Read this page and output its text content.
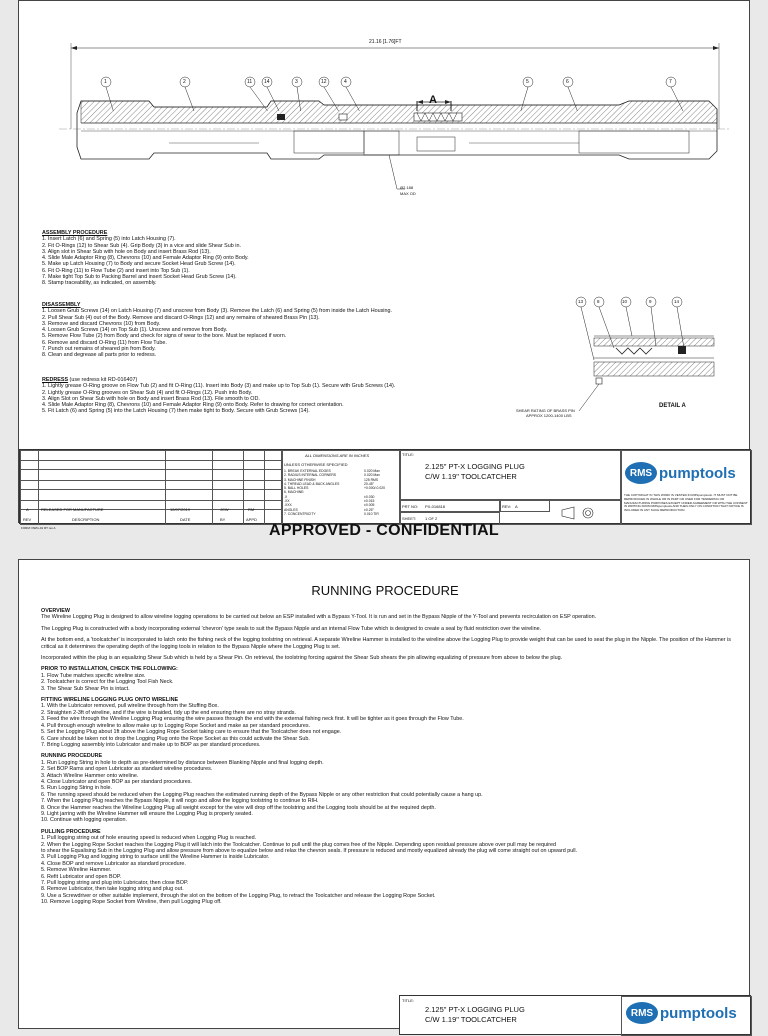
21.16 [1.76]FT
A
Ø2.188
MAX OD
1	2	11 14	3	12	4	5	6	7
ASSEMBLY PROCEDURE
1. Insert Latch (6) and Spring (5) into Latch Housing (7).
2. Fit O-Rings (12) to Shear Sub (4). Grip Body (3) in a vice and slide Shear Sub in.
3. Align slot in Shear Sub with hole on Body and insert Brass Rod (13).
4. Slide Male Adaptor Ring (8), Chevrons (10) and Female Adaptor Ring (9) onto Body.
5. Make up Latch Housing (7) to Body and secure Socket Head Grub Screw (14).
6. Fit O-Ring (11) to Flow Tube (2) and insert into Top Sub (1).
7. Make tight Top Sub to Packing Barrel and insert Socket Head Grub Screw (14).
8. Stamp traceability, as indicated, on assembly.
DISASSEMBLY
1. Loosen Grub Screws (14) on Latch Housing (7) and unscrew from Body (3). Remove the Latch (6) and Spring (5) from inside the Latch Housing.
2. Pull Shear Sub (4) out of the Body. Remove and discard O-Rings (12) and any remains of sheared Brass Pin (13).
3. Remove and discard Chevrons (10) from Body.
4. Loosen Grub Screws (14) on Top Sub (1). Unscrew and remove from Body.
5. Remove Flow Tube (2) from Body and check for signs of wear to the bore. Must be replaced if worn.
6. Remove and discard O-Ring (11) from Flow Tube.
7. Punch out remains of sheared pin from Body.
8. Clean and degrease all parts prior to redress.
REDRESS (use redress kit RD-016407)
1. Lightly grease O-Ring groove on Flow Tub (2) and fit O-Ring (11). Insert into Body (3) and make up to Top Sub (1). Secure with Grub Screws (14).
2. Lightly grease O-Ring grooves on Shear Sub (4) and fit O-Rings (12). Push into Body.
3. Align Slot on Shear Sub with hole on Body and insert Brass Rod (13). File smooth to OD.
4. Slide Male Adaptor Ring (8), Chevrons (10) and Female Adaptor Ring (9) onto Body. Refer to drawing for correct orientation.
5. Fit Latch (6) and Spring (5) into the Latch Housing (7) then make tight to Body. Secure with Grub Screws (14).
DETAIL A
SHEAR RATING OF BRASS PIN
APPROX 1200-1400 LBS
13	8	10	9	14
A	RELEASED FOR MANUFACTURE	12/07/2019	JCW	RM
REV	DESCRIPTION	DATE	BY	APPD
ALL DIMENSIONS ARE IN INCHES
UNLESS OTHERWISE SPECIFIED
1. BREAK EXTERNAL EDGES	0.020 Max
2. RADIUS INTERNAL CORNERS	0.020 Max
3. MACHINE FINISH	125 RMS
4. THREAD LEAD & BACK ANGLES	20-45°
5. BALL HOLES	+0.000/-0.020
6. MACHINE:
.X	±0.030
.XX	±0.015
.XXX	±0.005
ANGLES	±0.25°
7. CONCENTRICITY	0.010 TIR
TITLE:
2.125" PT-X LOGGING PLUG
C/W 1.19" TOOLCATCHER
PRT NO: PX-016818	REV: A
SHEET: 1 OF 2
RMS pumptools
THE COPYRIGHT IN THIS WORK IS VESTED IN RMSpumptools. IT MUST NOT BE REPRODUCED IN WHOLE OR IN PART OR USED FOR TENDERING OR MANUFACTURING PURPOSES EXCEPT UNDER AGREEMENT OR WITH THE CONSENT IN WRITING FROM RMSpumptools AND THEN ONLY ON CONDITION THAT NOTICE IS INCLUDED IN ANY SUCH REPRODUCTION.
FORM: DWG-01 RT rev A	APPROVED - CONFIDENTIAL
RUNNING PROCEDURE
OVERVIEW

The Wireline Logging Plug is designed to allow wireline logging operations to be carried out below an ESP installed with a Bypass Y-Tool. It is run and set in the Bypass Nipple of the Y-Tool and prevents recirculation on ESP operation.

The Logging Plug is constructed with a body incorporating external 'chevron' type seals to suit the Bypass Nipple and an internal Flow Tube which is designed to create a seal by fluid restriction over the wireline.

At the bottom end, a 'toolcatcher' is incorporated to latch onto the fishing neck of the logging toolstring on retrieval. A separate Wireline Hammer is installed to the wireline above the Logging Plug to provide weight that can be used to seat the plug in the Nipple. The position of the Hammer is critical as it determines the operating depth of the logging tools in relation to the Bypass Nipple where the Logging Plug is set.

Incorporated within the plug is an equalizing Shear Sub which is held by a Shear Pin. On retrieval, the toolstring forcing against the Shear Sub shears the pin allowing equalizing of pressure from above to below the plug.

PRIOR TO INSTALLATION, CHECK THE FOLLOWING:
1. Flow Tube matches specific wireline size.
2. Toolcatcher is correct for the Logging Tool Fish Neck.
3. The Shear Sub Shear Pin is intact.
FITTING WIRELINE LOGGING PLUG ONTO WIRELINE
1. With the Lubricator removed, pull wireline through from the Stuffing Box.
2. Straighten 2-3ft of wireline, and if the wire is braided, tidy up the end ensuring there are no stray strands.
3. Feed the wire through the Wireline Logging Plug ensuring the wire passes through the end with the external fishing neck first. It will be tighter as it goes through the Flow Tube.
4. Pull through enough wireline to allow make up to Logging Rope Socket and make as per standard procedures.
5. Set the Logging Plug about 1ft above the Logging Rope Socket taking care to ensure that the Toolcatcher does not engage.
6. Care should be taken not to drop the Logging Plug onto the Rope Socket as this could activate the Shear Sub.
7. Bring Logging assembly into Lubricator and make up to BOP as per standard procedures.
RUNNING PROCEDURE
1. Run Logging String in hole to depth as pre-determined by distance between Blanking Nipple and final logging depth.
2. Set BOP Rams and open Lubricator as standard wireline procedures.
3. Attach Wireline Hammer onto wireline.
4. Close Lubricator and open BOP as per standard procedures.
5. Run Logging String in hole.
6. The running speed should be reduced when the Logging Plug reaches the estimated running depth of the Bypass Nipple or any other restriction that could potentially cause a hang up.
7. When the Logging Plug reaches the Bypass Nipple, it will nogo and allow the logging toolstring to continue to RIH.
8. Once the Hammer reaches the Wireline Logging Plug all weight except for the wire will drop off the toolstring and the Logging tools should be at the required depth.
9. Light jarring with the Wireline Hammer will ensure the Logging Plug is properly seated.
10. Continue with logging operation.
PULLING PROCEDURE
1. Pull logging string out of hole ensuring speed is reduced when Logging Plug is reached.
2. When the Logging Rope Socket reaches the Logging Plug it will latch into the Toolcatcher. Continue to pull until the plug comes free of the Nipple. Depending upon residual pressure above over pull may be required
to shear the Equalising Sub in the Logging Plug and allow pressure from above to equalize below and relax the chevron seals. If pressure is reduced and mostly equalized already the plug will come straight out on upward pull.
3. Pull Logging Plug and logging string to surface until the Wireline Hammer is inside Lubricator.
4. Close BOP and remove Lubricator as standard procedure.
5. Remove Wireline Hammer.
6. Refit Lubricator and open BOP.
7. Pull logging string and plug into Lubricator, then close BOP.
8. Remove Lubricator, then take logging string and plug out.
9. Use a Screwdriver or other suitable implement, through the slot on the bottom of the Logging Plug, to retract the Toolcatcher and release the Logging Rope Socket.
10. Remove Logging Rope Socket from Wireline, then pull Logging Plug off.
TITLE:
2.125" PT-X LOGGING PLUG
C/W 1.19" TOOLCATCHER
RMS pumptools
